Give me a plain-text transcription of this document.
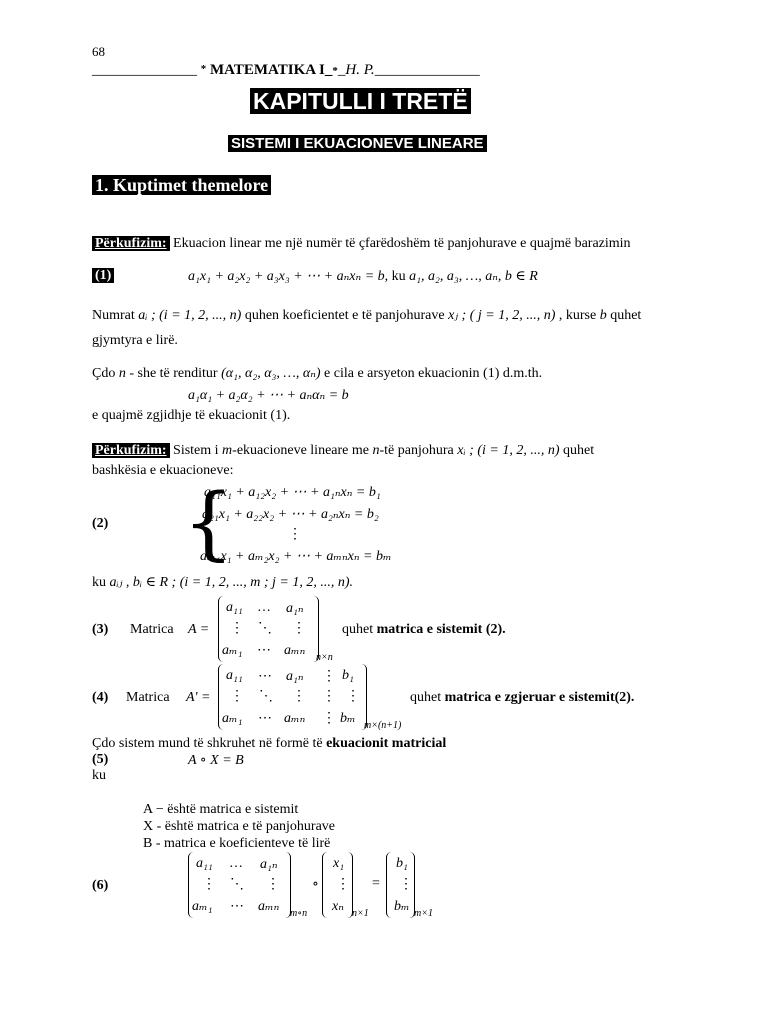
68
______________ * MATEMATIKA I_*_H. P.______________
KAPITULLI I TRETË
SISTEMI I EKUACIONEVE LINEARE
1. Kuptimet themelore
Përkufizim: Ekuacion linear me një numër të çfarëdoshëm të panjohurave e quajmë barazimin
(1)	a₁x₁ + a₂x₂ + a₃x₃ + ⋯ + aₙxₙ = b, ku a₁, a₂, a₃, …, aₙ, b ∈ R
Numrat aᵢ ; (i = 1, 2, ..., n) quhen koeficientet e të panjohurave xⱼ ; ( j = 1, 2, ..., n) , kurse b quhet
gjymtyra e lirë.
Çdo n - she të renditur (α₁, α₂, α₃, …, αₙ) e cila e arsyeton ekuacionin (1) d.m.th.
a₁α₁ + a₂α₂ + ⋯ + aₙαₙ = b
e quajmë zgjidhje të ekuacionit (1).
Përkufizim: Sistem i m-ekuacioneve lineare me n-të panjohura xᵢ ; (i = 1, 2, ..., n) quhet
bashkësia e ekuacioneve:
(2) {
a₁₁x₁ + a₁₂x₂ + ⋯ + a₁ₙxₙ = b₁
a₂₁x₁ + a₂₂x₂ + ⋯ + a₂ₙxₙ = b₂
⋮
aₘ₁x₁ + aₘ₂x₂ + ⋯ + aₘₙxₙ = bₘ
ku aᵢⱼ , bᵢ ∈ R ; (i = 1, 2, ..., m ; j = 1, 2, ..., n).
(3) Matrica A =
a₁₁ … a₁ₙ
⋮ ⋱ ⋮
aₘ₁ ⋯ aₘₙ n×n
quhet matrica e sistemit (2).
(4) Matrica A' =
a₁₁ ⋯ a₁ₙ ⋮ b₁
⋮ ⋱ ⋮ ⋮ ⋮
aₘ₁ ⋯ aₘₙ ⋮ bₘ m×(n+1)
quhet matrica e zgjeruar e sistemit(2).
Çdo sistem mund të shkruhet në formë të ekuacionit matricial
(5)	A ∘ X = B
ku
A − është matrica e sistemit
X - është matrica e të panjohurave
B - matrica e koeficienteve të lirë
(6)
a₁₁ … a₁ₙ
⋮ ⋱ ⋮
aₘ₁ ⋯ aₘₙ m∘n
∘
x₁
⋮
xₙ n×1
=
b₁
⋮
bₘ m×1
